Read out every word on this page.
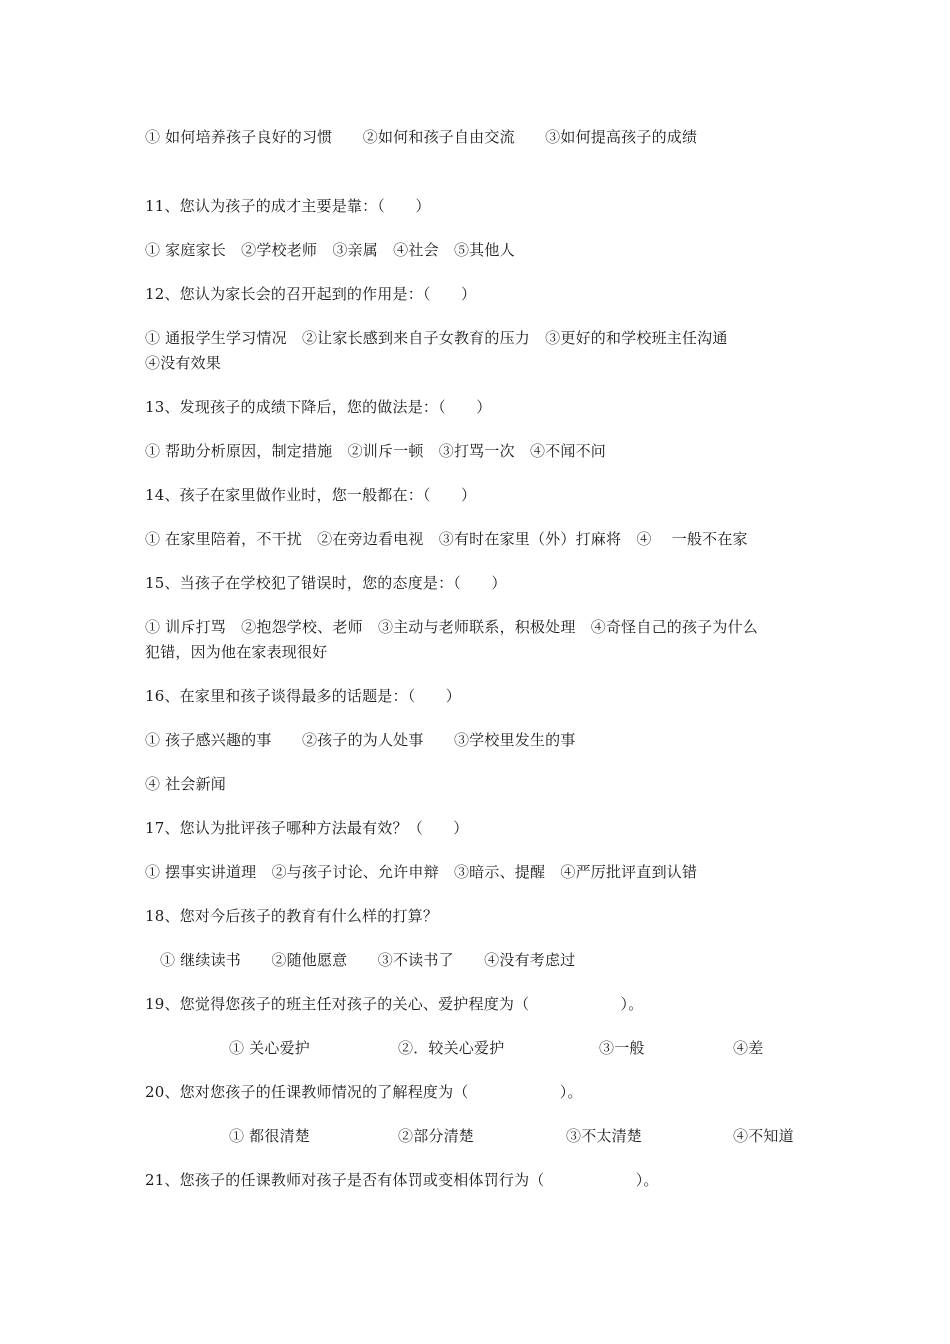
① 如何培养孩子良好的习惯　　②如何和孩子自由交流　　③如何提高孩子的成绩
11、您认为孩子的成才主要是靠：（　　）
① 家庭家长　②学校老师　③亲属　④社会　⑤其他人
12、您认为家长会的召开起到的作用是：（　　）
① 通报学生学习情况　②让家长感到来自子女教育的压力　③更好的和学校班主任沟通
④没有效果
13、发现孩子的成绩下降后，您的做法是：（　　）
① 帮助分析原因，制定措施　②训斥一顿　③打骂一次　④不闻不问
14、孩子在家里做作业时，您一般都在：（　　）
① 在家里陪着，不干扰　②在旁边看电视　③有时在家里（外）打麻将　④　 一般不在家
15、当孩子在学校犯了错误时，您的态度是：（　　）
① 训斥打骂　②抱怨学校、老师　③主动与老师联系，积极处理　④奇怪自己的孩子为什么
犯错，因为他在家表现很好
16、在家里和孩子谈得最多的话题是：（　　）
① 孩子感兴趣的事　　②孩子的为人处事　　③学校里发生的事
④ 社会新闻
17、您认为批评孩子哪种方法最有效？（　　）
① 摆事实讲道理　②与孩子讨论、允许申辩　③暗示、提醒　④严厉批评直到认错
18、您对今后孩子的教育有什么样的打算？
① 继续读书　　②随他愿意　　③不读书了　　④没有考虑过
19、您觉得您孩子的班主任对孩子的关心、爱护程度为（　　　　　　）。

① 关心爱护

	②．较关心爱护

	③一般

	④差

20、您对您孩子的任课教师情况的了解程度为（　　　　　　）。

① 都很清楚

	②部分清楚

	③不太清楚

	④不知道

21、您孩子的任课教师对孩子是否有体罚或变相体罚行为（　　　　　　）。
